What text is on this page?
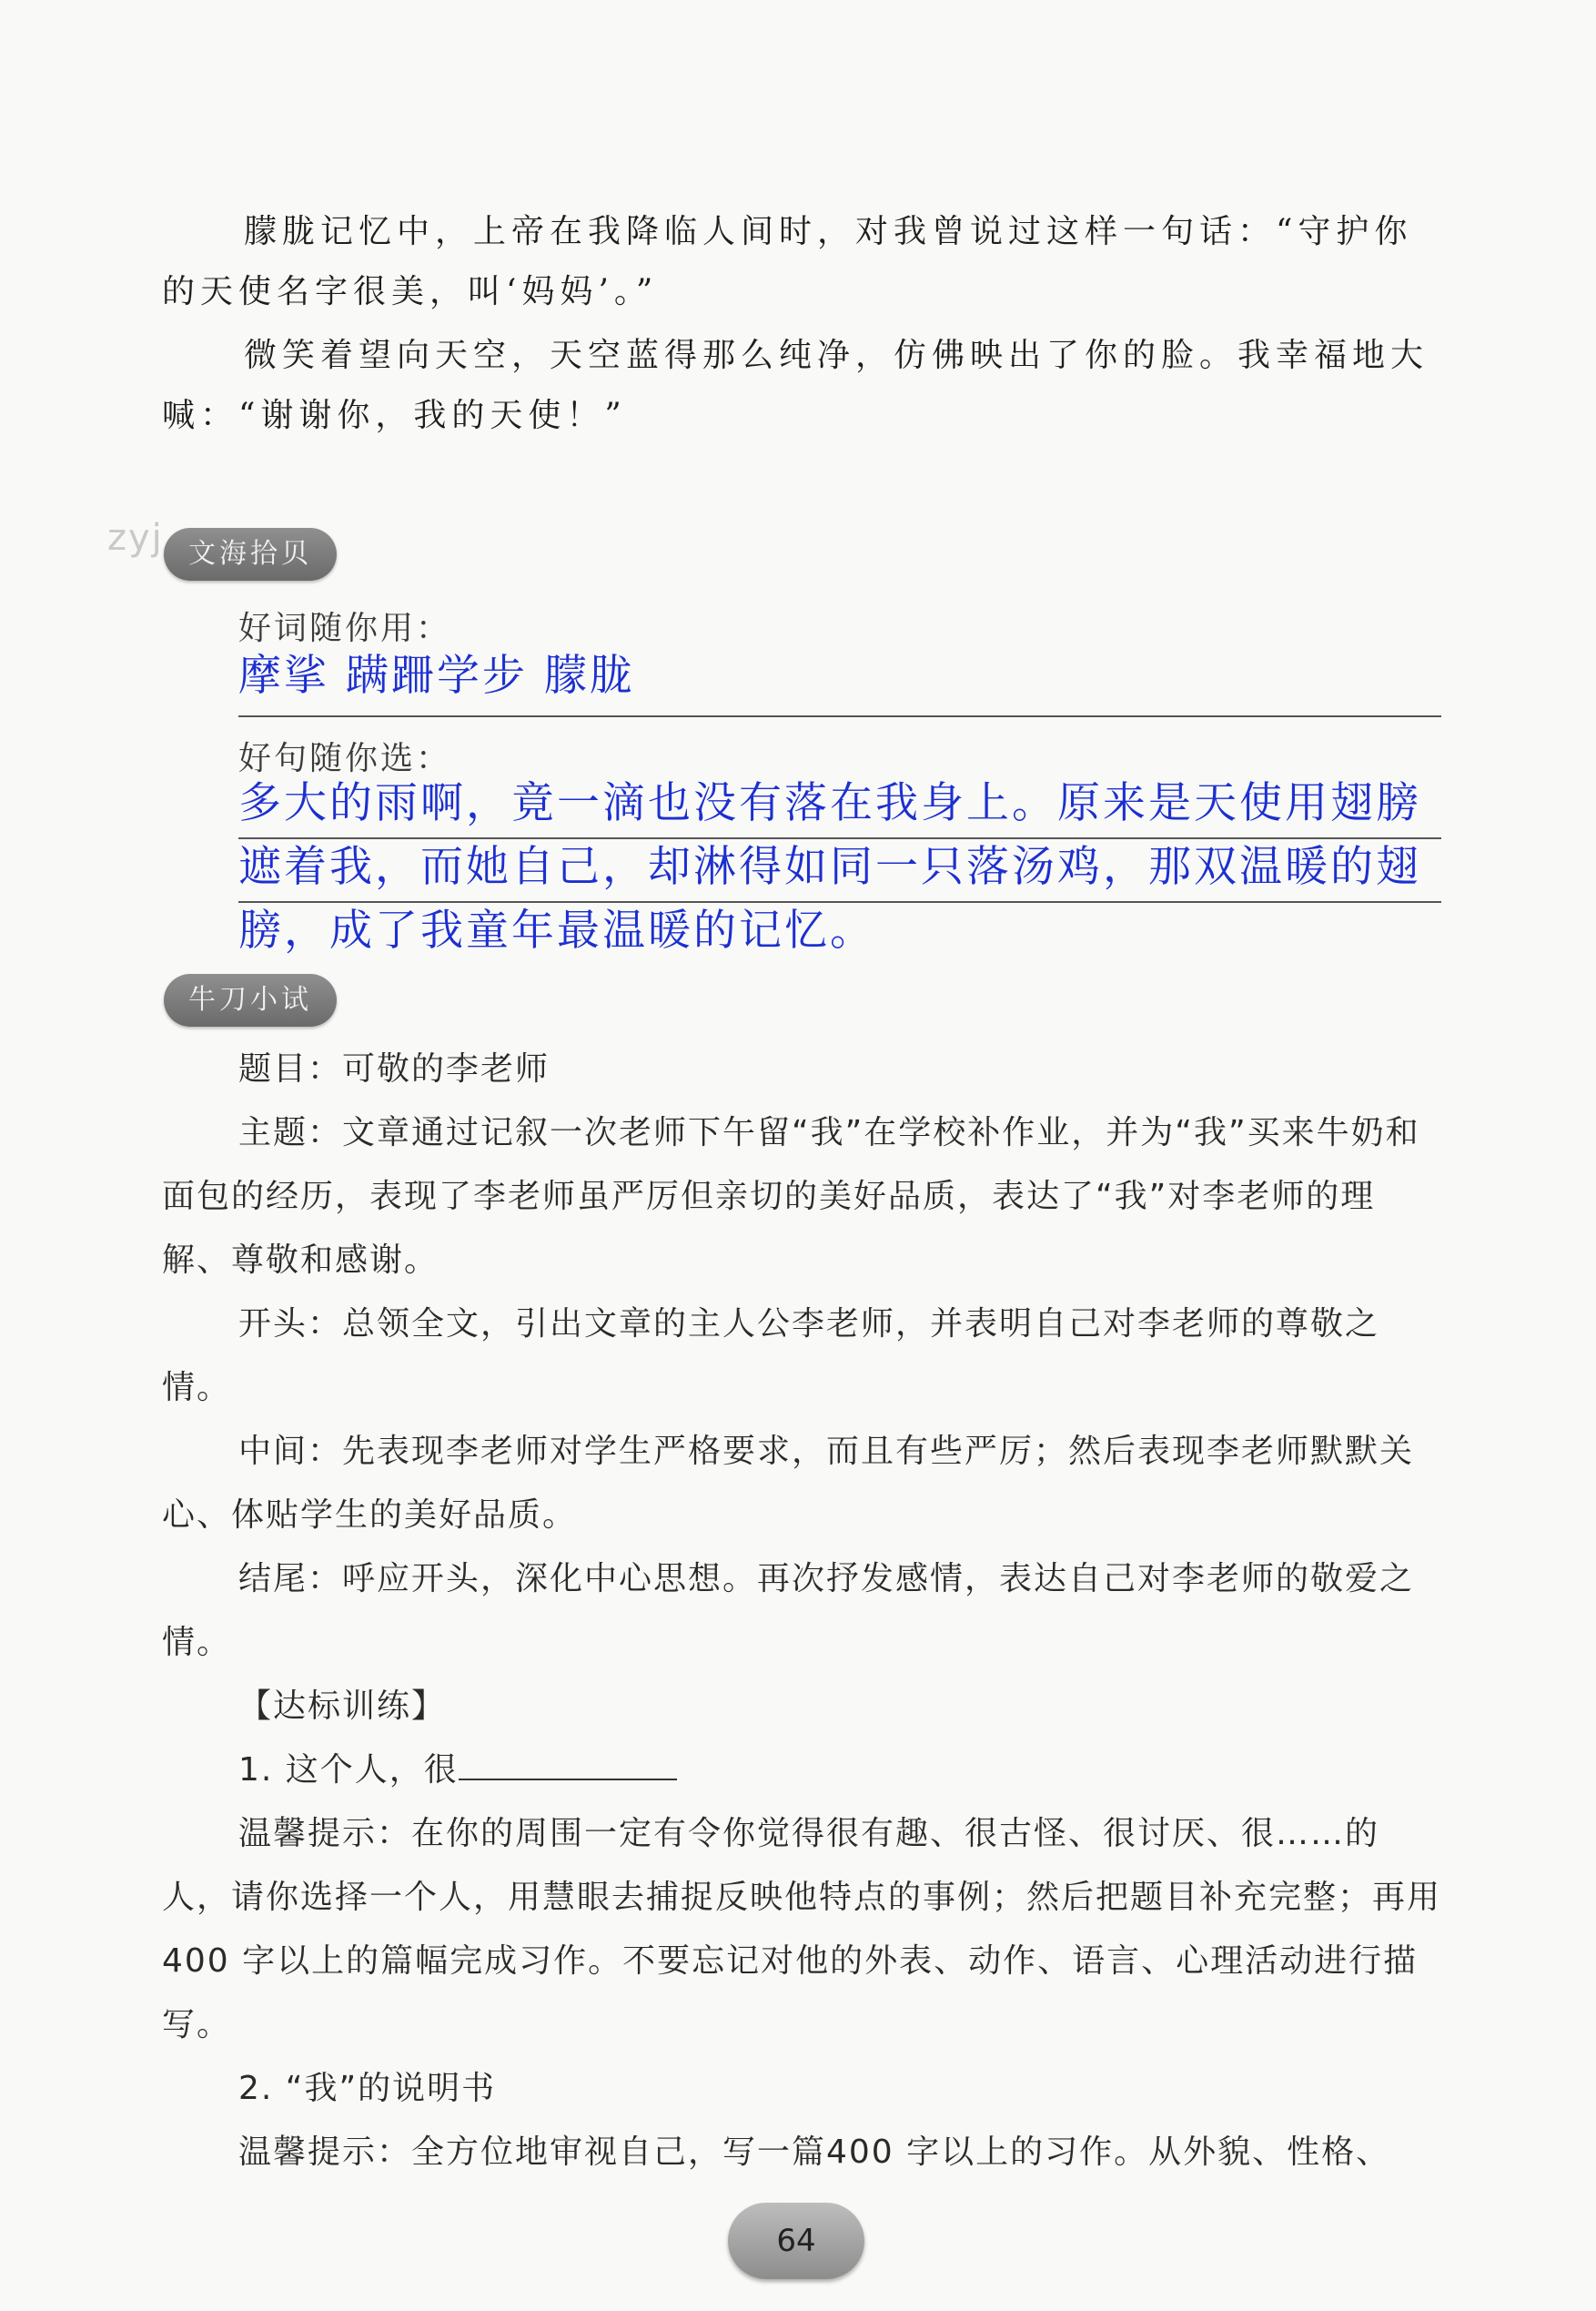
朦胧记忆中，上帝在我降临人间时，对我曾说过这样一句话：“守护你的天使名字很美，叫‘妈妈’。”

微笑着望向天空，天空蓝得那么纯净，仿佛映出了你的脸。我幸福地大喊：“谢谢你，我的天使！”

zyj 文海拾贝
好词随你用：
摩挲 蹒跚学步 朦胧
好句随你选：
多大的雨啊，竟一滴也没有落在我身上。原来是天使用翅膀遮着我，而她自己，却淋得如同一只落汤鸡，那双温暖的翅膀，成了我童年最温暖的记忆。
牛刀小试

题目：可敬的李老师

主题：文章通过记叙一次老师下午留“我”在学校补作业，并为“我”买来牛奶和面包的经历，表现了李老师虽严厉但亲切的美好品质，表达了“我”对李老师的理解、尊敬和感谢。

开头：总领全文，引出文章的主人公李老师，并表明自己对李老师的尊敬之情。

中间：先表现李老师对学生严格要求，而且有些严厉；然后表现李老师默默关心、体贴学生的美好品质。

结尾：呼应开头，深化中心思想。再次抒发感情，表达自己对李老师的敬爱之情。

【达标训练】

1. 这个人，很

温馨提示：在你的周围一定有令你觉得很有趣、很古怪、很讨厌、很……的人，请你选择一个人，用慧眼去捕捉反映他特点的事例；然后把题目补充完整；再用400 字以上的篇幅完成习作。不要忘记对他的外表、动作、语言、心理活动进行描写。

2. “我”的说明书

温馨提示：全方位地审视自己，写一篇400 字以上的习作。从外貌、性格、

64
